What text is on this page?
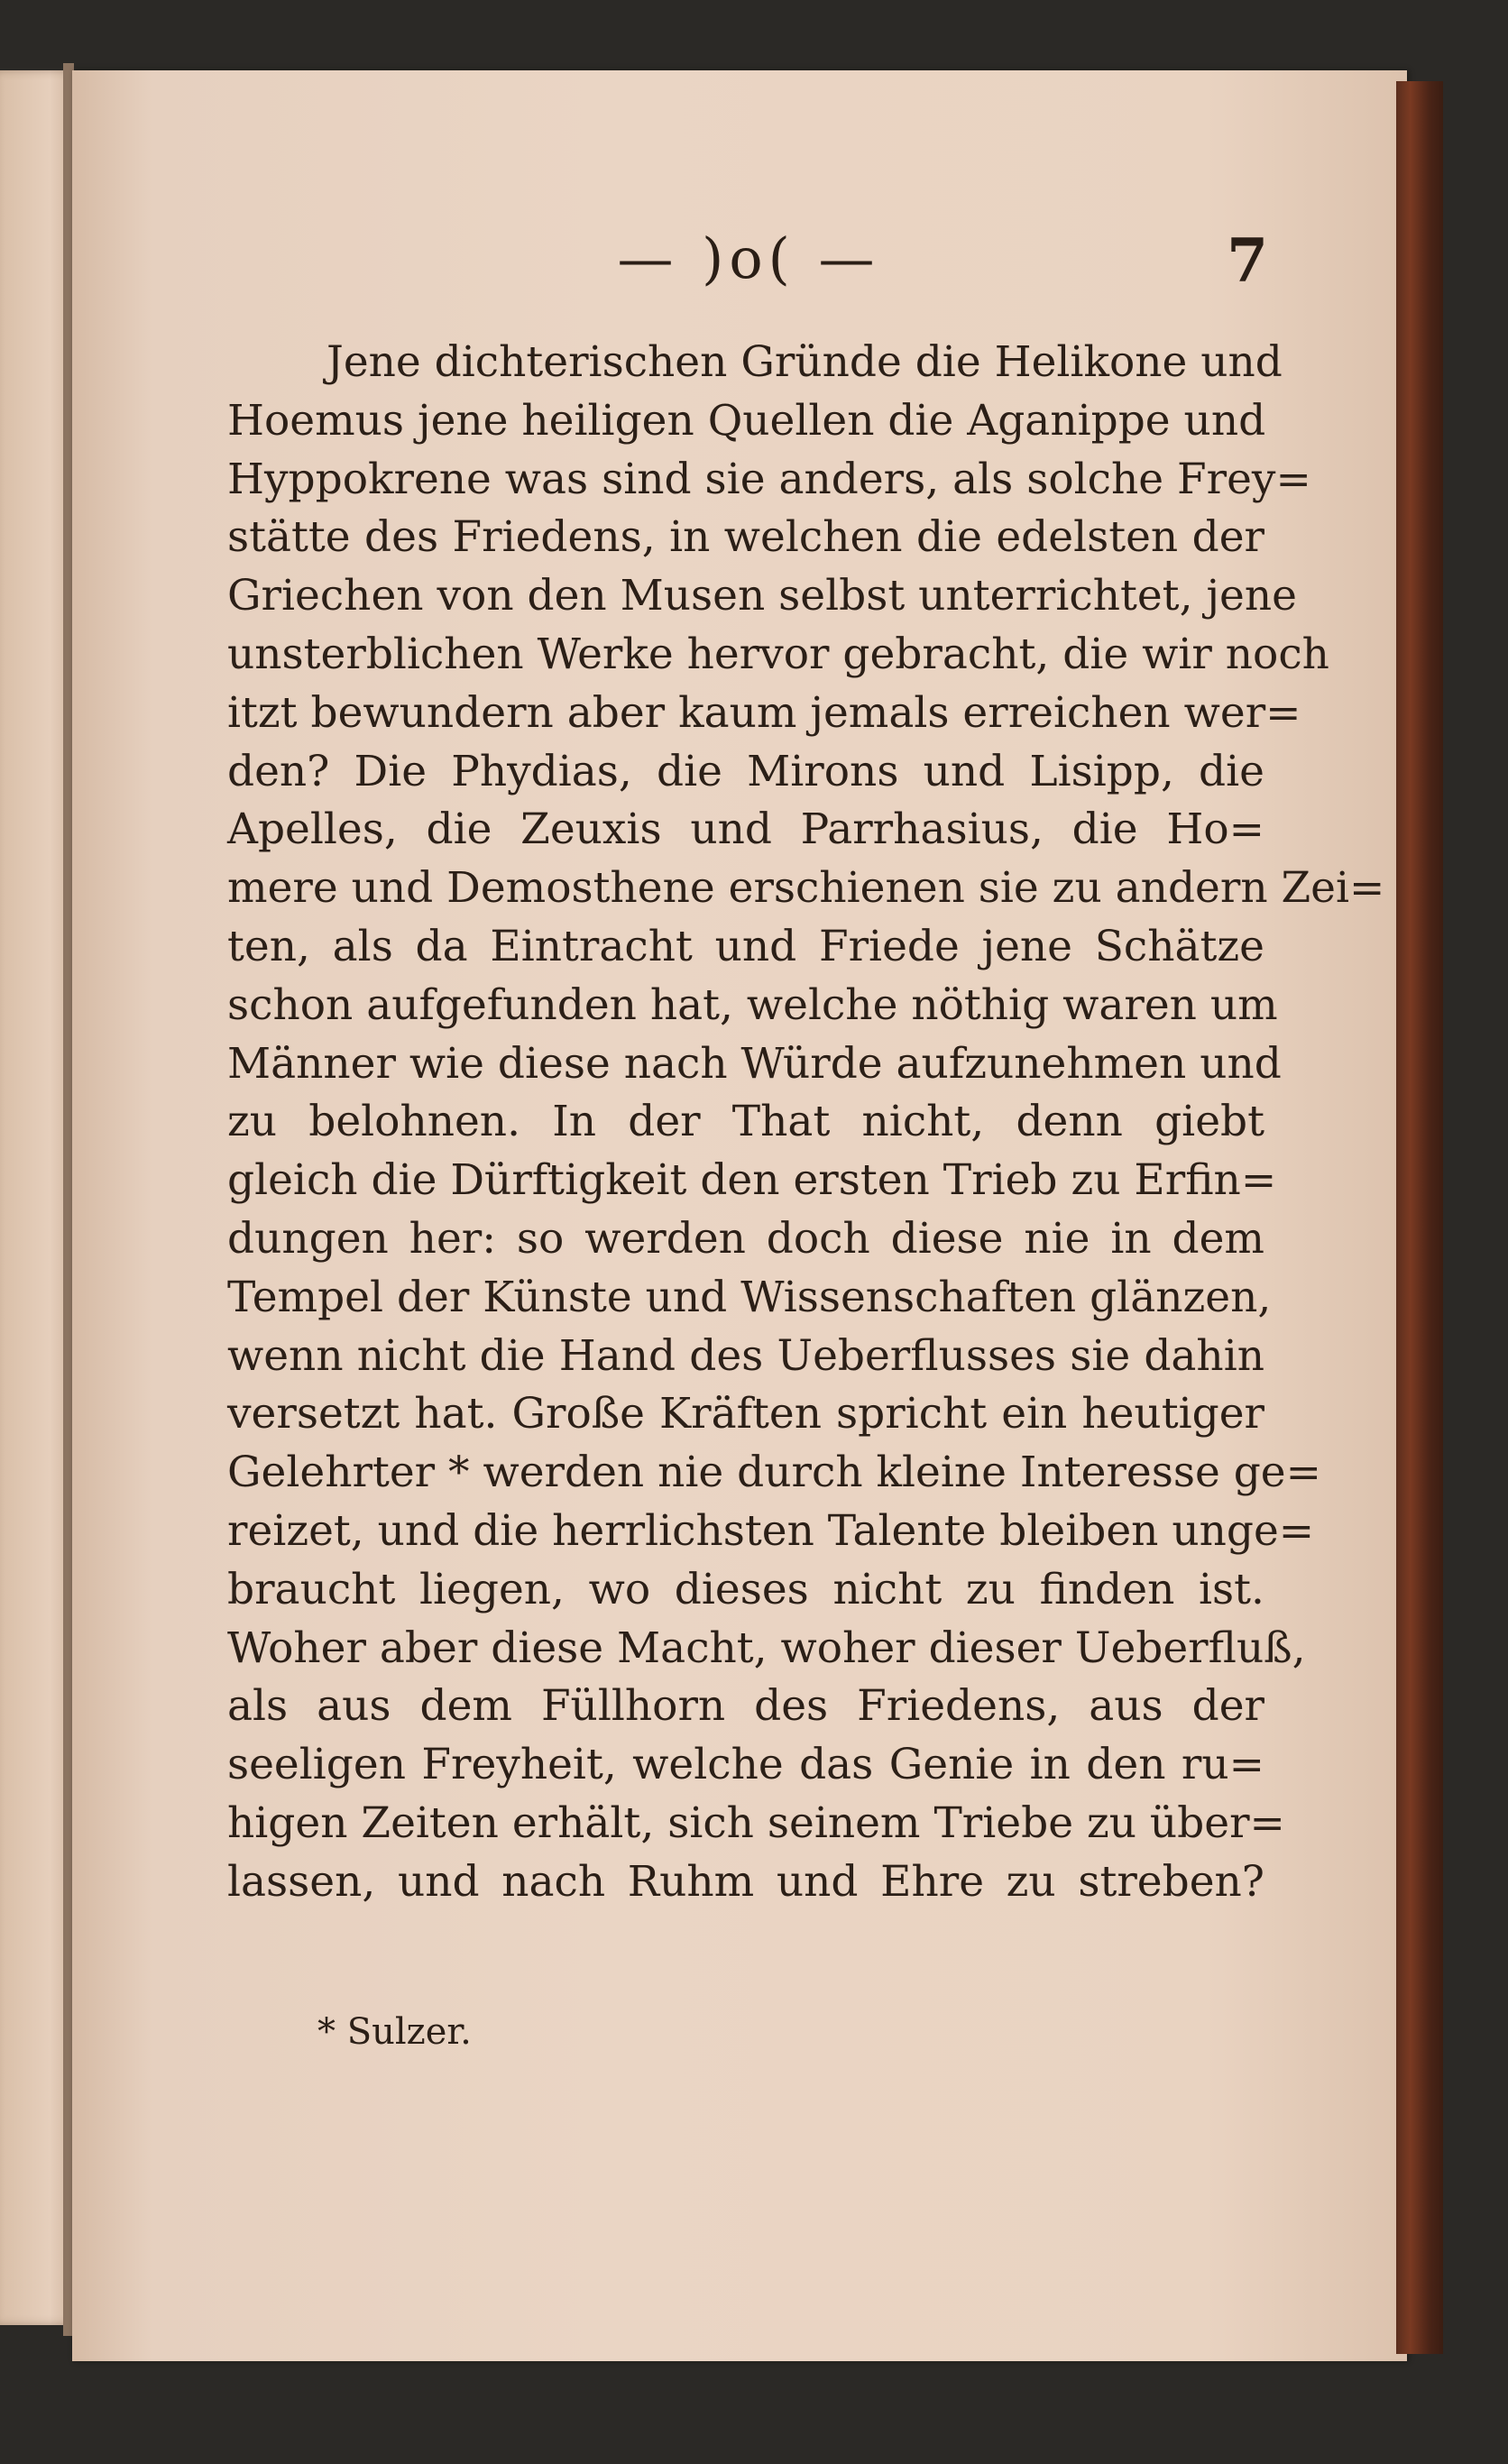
— )o( —	7
Jene dichterischen Gründe die Helikone und
Hoemus jene heiligen Quellen die Aganippe und
Hyppokrene was sind sie anders, als solche Frey=
stätte des Friedens, in welchen die edelsten der
Griechen von den Musen selbst unterrichtet, jene
unsterblichen Werke hervor gebracht, die wir noch
itzt bewundern aber kaum jemals erreichen wer=
den? Die Phydias, die Mirons und Lisipp, die
Apelles, die Zeuxis und Parrhasius, die Ho=
mere und Demosthene erschienen sie zu andern Zei=
ten, als da Eintracht und Friede jene Schätze
schon aufgefunden hat, welche nöthig waren um
Männer wie diese nach Würde aufzunehmen und
zu belohnen. In der That nicht, denn giebt
gleich die Dürftigkeit den ersten Trieb zu Erfin=
dungen her: so werden doch diese nie in dem
Tempel der Künste und Wissenschaften glänzen,
wenn nicht die Hand des Ueberflusses sie dahin
versetzt hat. Große Kräften spricht ein heutiger
Gelehrter * werden nie durch kleine Interesse ge=
reizet, und die herrlichsten Talente bleiben unge=
braucht liegen, wo dieses nicht zu finden ist.
Woher aber diese Macht, woher dieser Ueberfluß,
als aus dem Füllhorn des Friedens, aus der
seeligen Freyheit, welche das Genie in den ru=
higen Zeiten erhält, sich seinem Triebe zu über=
lassen, und nach Ruhm und Ehre zu streben?
* Sulzer.
